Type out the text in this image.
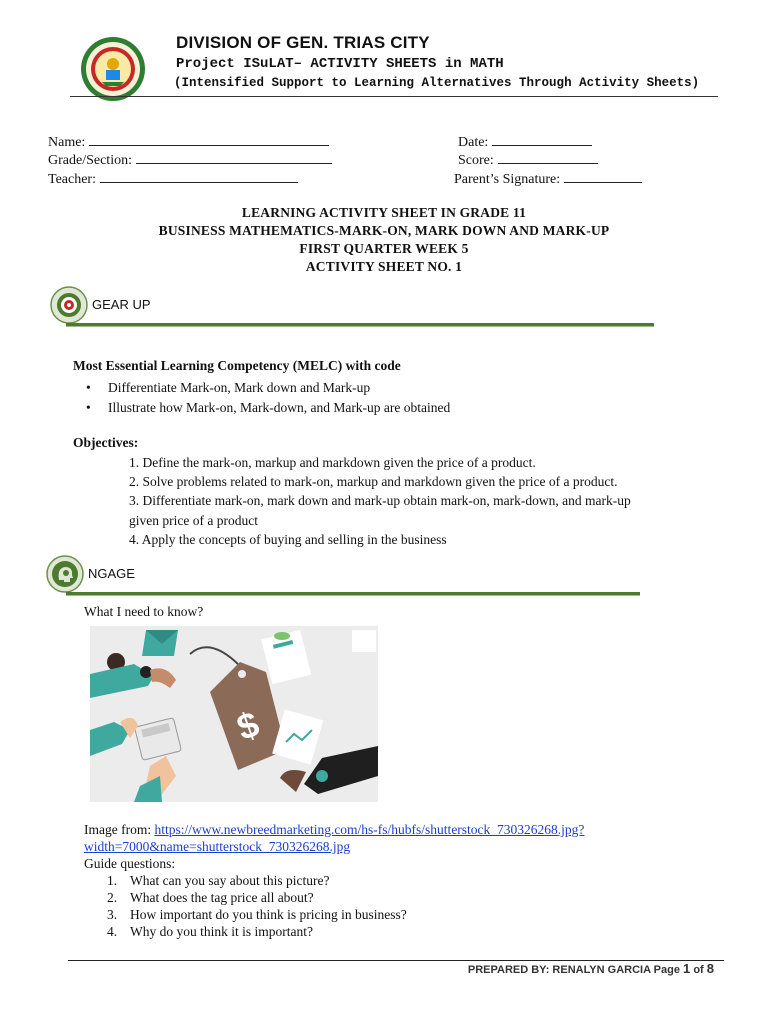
DIVISION OF GEN. TRIAS CITY
Project ISuLAT– ACTIVITY SHEETS in MATH
(Intensified Support to Learning Alternatives Through Activity Sheets)
Name:	Date:
Grade/Section:	Score:
Teacher:	Parent’s Signature:
LEARNING ACTIVITY SHEET IN GRADE 11
BUSINESS MATHEMATICS-MARK-ON, MARK DOWN AND MARK-UP
FIRST QUARTER WEEK 5
ACTIVITY SHEET NO. 1
GEAR UP
Most Essential Learning Competency (MELC) with code
• Differentiate Mark-on, Mark down and Mark-up
• Illustrate how Mark-on, Mark-down, and Mark-up are obtained
Objectives:
1. Define the mark-on, markup and markdown given the price of a product.
2. Solve problems related to mark-on, markup and markdown given the price of a product.
3. Differentiate mark-on, mark down and mark-up obtain mark-on, mark-down, and mark-up
given price of a product
4. Apply the concepts of buying and selling in the business
NGAGE
What I need to know?
$
Image from: https://www.newbreedmarketing.com/hs-fs/hubfs/shutterstock_730326268.jpg?
width=7000&name=shutterstock_730326268.jpg
Guide questions:
1. What can you say about this picture?
2. What does the tag price all about?
3. How important do you think is pricing in business?
4. Why do you think it is important?
PREPARED BY: RENALYN GARCIA Page 1 of 8
